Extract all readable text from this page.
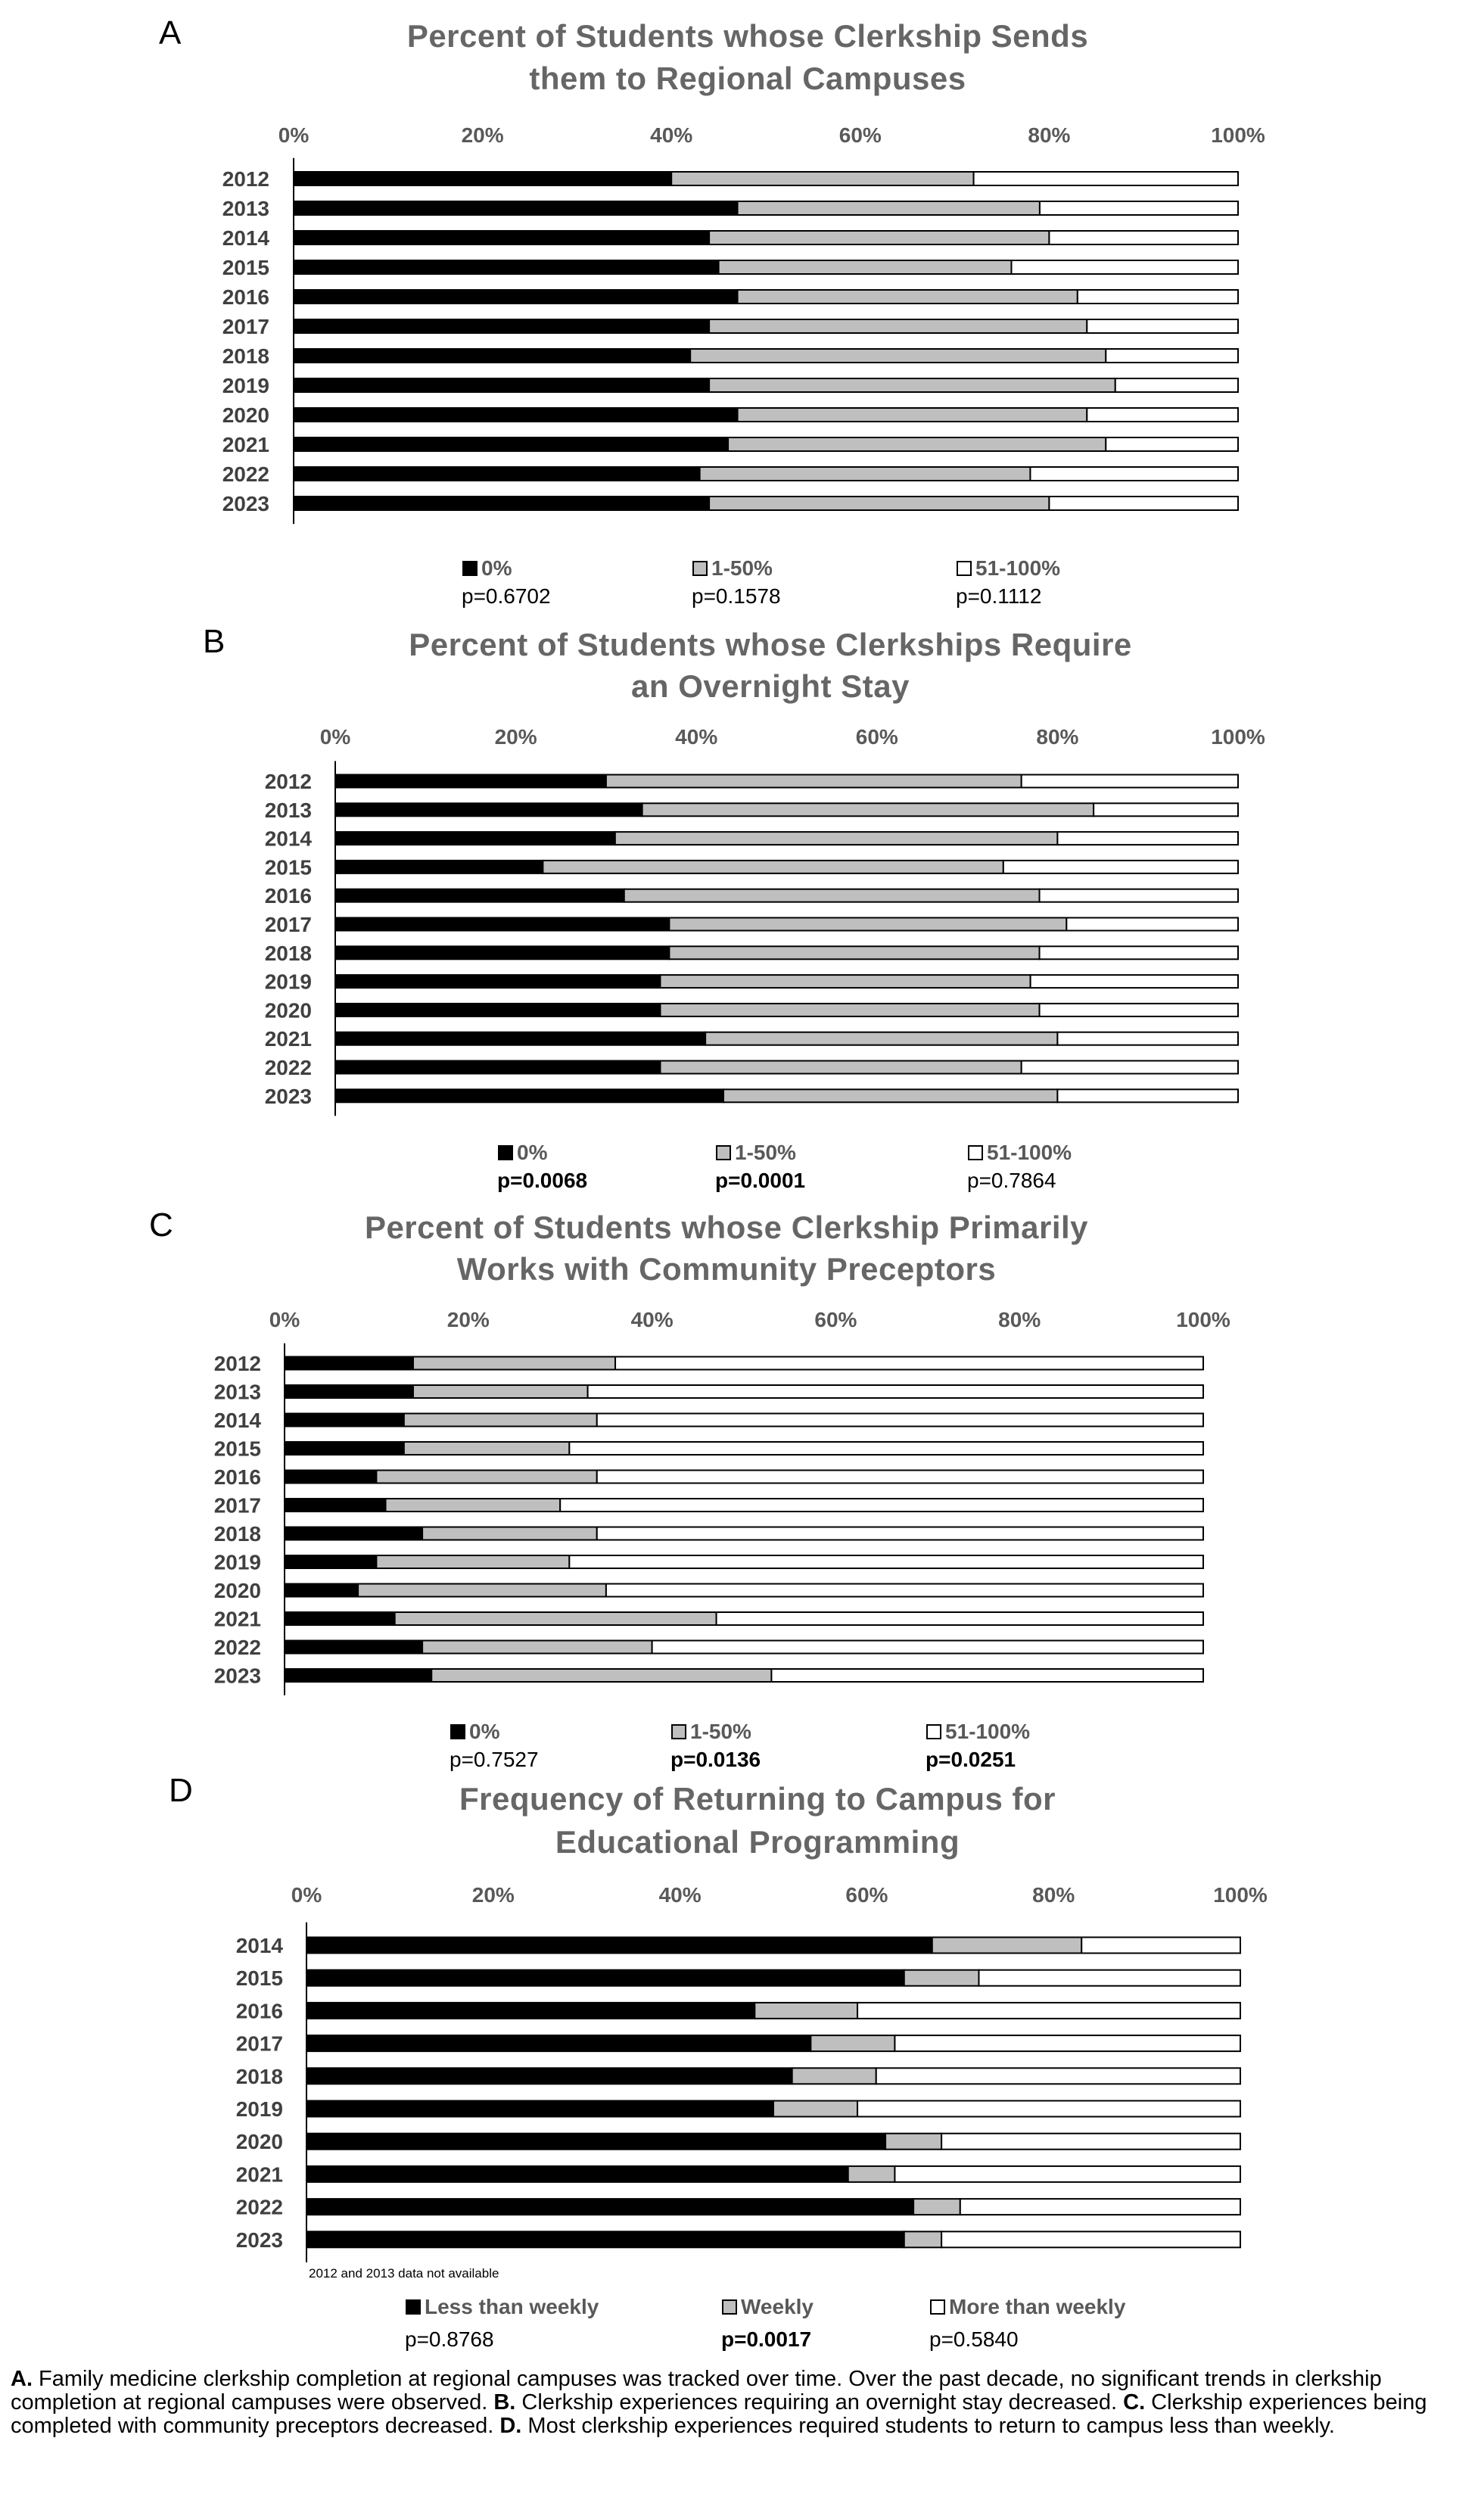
A	Percent of Students whose Clerkship Sends
them to Regional Campuses
0%	20%	40%	60%	80%	100%
2012
2013
2014
2015
2016
2017
2018
2019
2020
2021
2022
2023
0%
p=0.6702
1-50%
p=0.1578
51-100%
p=0.1112
B	Percent of Students whose Clerkships Require
an Overnight Stay
0%	20%	40%	60%	80%	100%
2012
2013
2014
2015
2016
2017
2018
2019
2020
2021
2022
2023
0%
p=0.0068
1-50%
p=0.0001
51-100%
p=0.7864
C	Percent of Students whose Clerkship Primarily
Works with Community Preceptors
0%	20%	40%	60%	80%	100%
2012
2013
2014
2015
2016
2017
2018
2019
2020
2021
2022
2023
0%
p=0.7527
1-50%
p=0.0136
51-100%
p=0.0251
D	Frequency of Returning to Campus for
Educational Programming
0%	20%	40%	60%	80%	100%
2014
2015
2016
2017
2018
2019
2020
2021
2022
2023
2012 and 2013 data not available
Less than weekly
p=0.8768
Weekly
p=0.0017
More than weekly
p=0.5840

A. Family medicine clerkship completion at regional campuses was tracked over time. Over the past decade, no significant trends in clerkship completion at regional campuses were observed. B. Clerkship experiences requiring an overnight stay decreased. C. Clerkship experiences being completed with community preceptors decreased. D. Most clerkship experiences required students to return to campus less than weekly.
